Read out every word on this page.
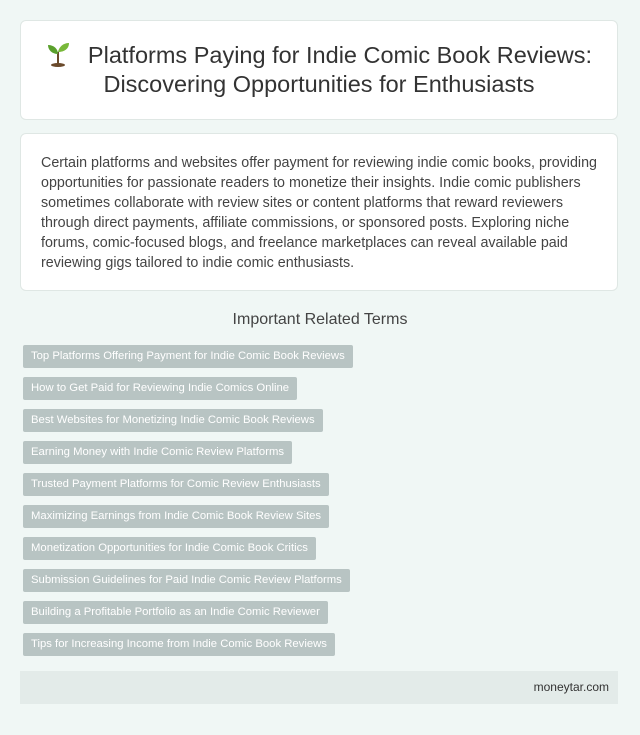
Platforms Paying for Indie Comic Book Reviews: Discovering Opportunities for Enthusiasts

Certain platforms and websites offer payment for reviewing indie comic books, providing opportunities for passionate readers to monetize their insights. Indie comic publishers sometimes collaborate with review sites or content platforms that reward reviewers through direct payments, affiliate commissions, or sponsored posts. Exploring niche forums, comic-focused blogs, and freelance marketplaces can reveal available paid reviewing gigs tailored to indie comic enthusiasts.

Important Related Terms
Top Platforms Offering Payment for Indie Comic Book Reviews
How to Get Paid for Reviewing Indie Comics Online
Best Websites for Monetizing Indie Comic Book Reviews
Earning Money with Indie Comic Review Platforms
Trusted Payment Platforms for Comic Review Enthusiasts
Maximizing Earnings from Indie Comic Book Review Sites
Monetization Opportunities for Indie Comic Book Critics
Submission Guidelines for Paid Indie Comic Review Platforms
Building a Profitable Portfolio as an Indie Comic Reviewer
Tips for Increasing Income from Indie Comic Book Reviews
moneytar.com
